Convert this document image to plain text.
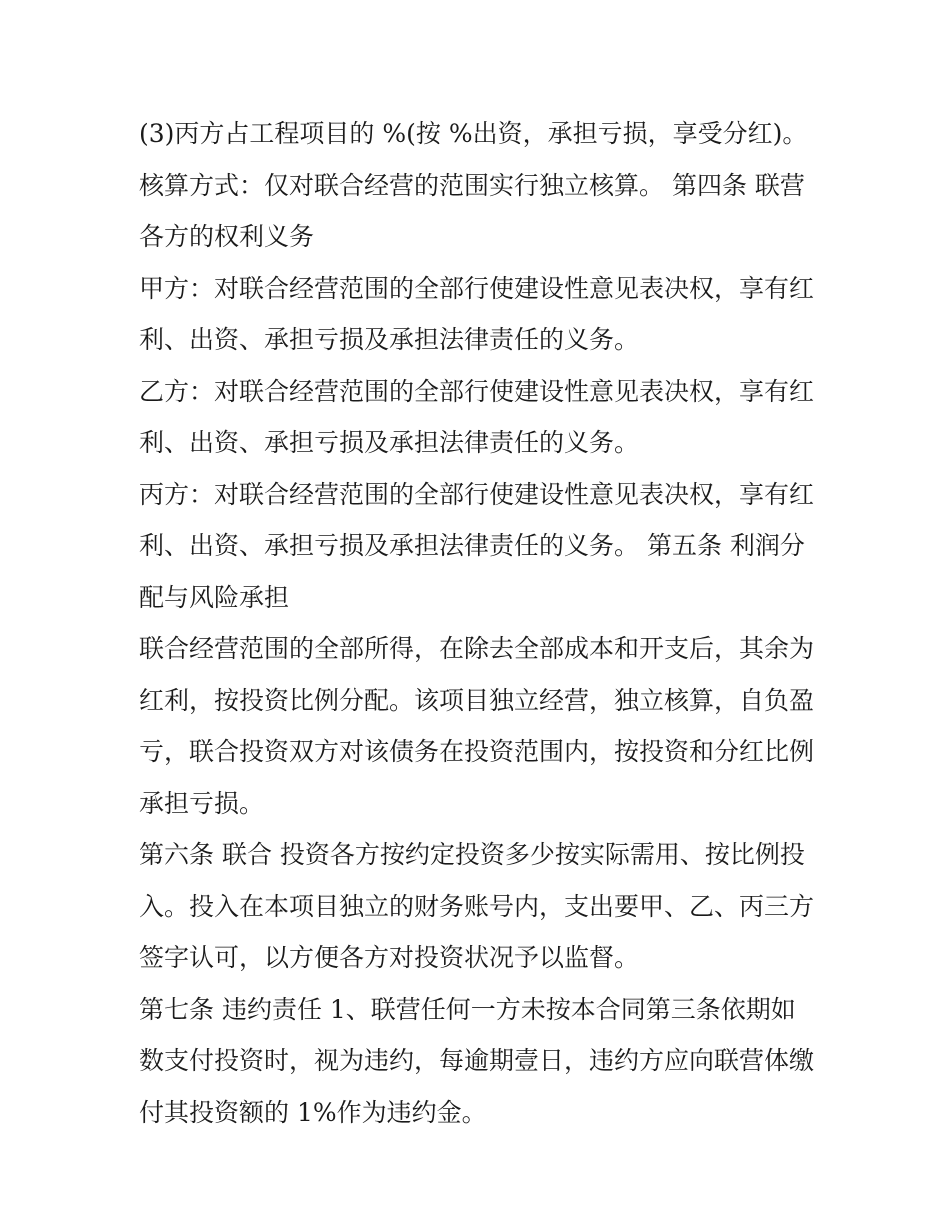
(3)丙方占工程项目的 %(按 %出资，承担亏损，享受分红)。

核算方式：仅对联合经营的范围实行独立核算。 第四条 联营各方的权利义务

甲方：对联合经营范围的全部行使建设性意见表决权，享有红利、出资、承担亏损及承担法律责任的义务。

乙方：对联合经营范围的全部行使建设性意见表决权，享有红利、出资、承担亏损及承担法律责任的义务。

丙方：对联合经营范围的全部行使建设性意见表决权，享有红利、出资、承担亏损及承担法律责任的义务。 第五条 利润分配与风险承担

联合经营范围的全部所得，在除去全部成本和开支后，其余为红利，按投资比例分配。该项目独立经营，独立核算，自负盈亏，联合投资双方对该债务在投资范围内，按投资和分红比例承担亏损。

第六条 联合 投资各方按约定投资多少按实际需用、按比例投入。投入在本项目独立的财务账号内，支出要甲、乙、丙三方签字认可，以方便各方对投资状况予以监督。

第七条 违约责任 1、联营任何一方未按本合同第三条依期如数支付投资时，视为违约，每逾期壹日，违约方应向联营体缴付其投资额的 1%作为违约金。
